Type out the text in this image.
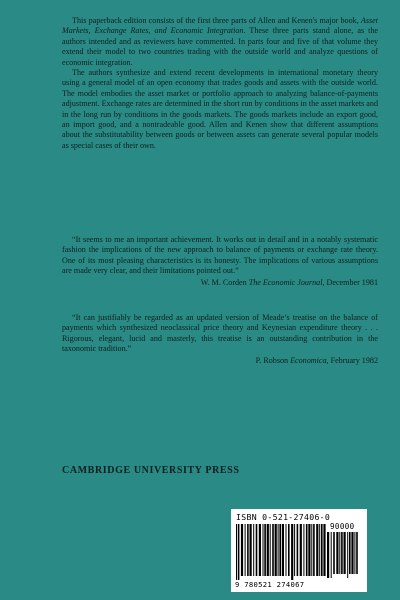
This paperback edition consists of the first three parts of Allen and Kenen's major book, Asset Markets, Exchange Rates, and Economic Integration. These three parts stand alone, as the authors intended and as reviewers have commented. In parts four and five of that volume they extend their model to two countries trading with the outside world and analyze questions of economic integration.

The authors synthesize and extend recent developments in international monetary theory using a general model of an open economy that trades goods and assets with the outside world. The model embodies the asset market or portfolio approach to analyzing balance-of-payments adjustment. Exchange rates are determined in the short run by conditions in the asset markets and in the long run by conditions in the goods markets. The goods markets include an export good, an import good, and a nontradeable good. Allen and Kenen show that different assumptions about the substitutability between goods or between assets can generate several popular models as special cases of their own.

“It seems to me an important achievement. It works out in detail and in a notably systematic fashion the implications of the new approach to balance of payments or exchange rate theory. One of its most pleasing characteristics is its honesty. The implications of various assumptions are made very clear, and their limitations pointed out.”

W. M. Corden The Economic Journal, December 1981

“It can justifiably be regarded as an updated version of Meade’s treatise on the balance of payments which synthesized neoclassical price theory and Keynesian expenditure theory . . . Rigorous, elegant, lucid and masterly, this treatise is an outstanding contribution in the taxonomic tradition.”

P. Robson Economica, February 1982
CAMBRIDGE UNIVERSITY PRESS
ISBN 0-521-27406-0
90000
9 780521 274067
